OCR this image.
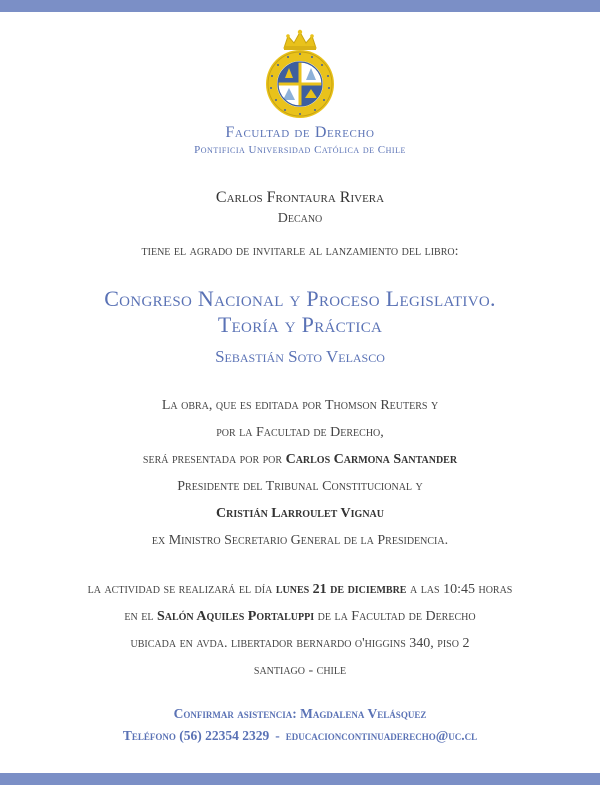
Facultad de Derecho
Pontificia Universidad Católica de Chile
Carlos Frontaura Rivera
Decano
tiene el agrado de invitarle al lanzamiento del libro:
Congreso Nacional y Proceso Legislativo.
Teoría y Práctica
Sebastián Soto Velasco
La obra, que es editada por Thomson Reuters y
por la Facultad de Derecho,
será presentada por por Carlos Carmona Santander
Presidente del Tribunal Constitucional y
Cristián Larroulet Vignau
ex Ministro Secretario General de la Presidencia.
la actividad se realizará el día lunes 21 de diciembre a las 10:45 horas
en el Salón Aquiles Portaluppi de la Facultad de Derecho
ubicada en avda. libertador bernardo o'higgins 340, piso 2
santiago - chile
Confirmar asistencia: Magdalena Velásquez
Teléfono (56) 22354 2329 - educacioncontinuaderecho@uc.cl
